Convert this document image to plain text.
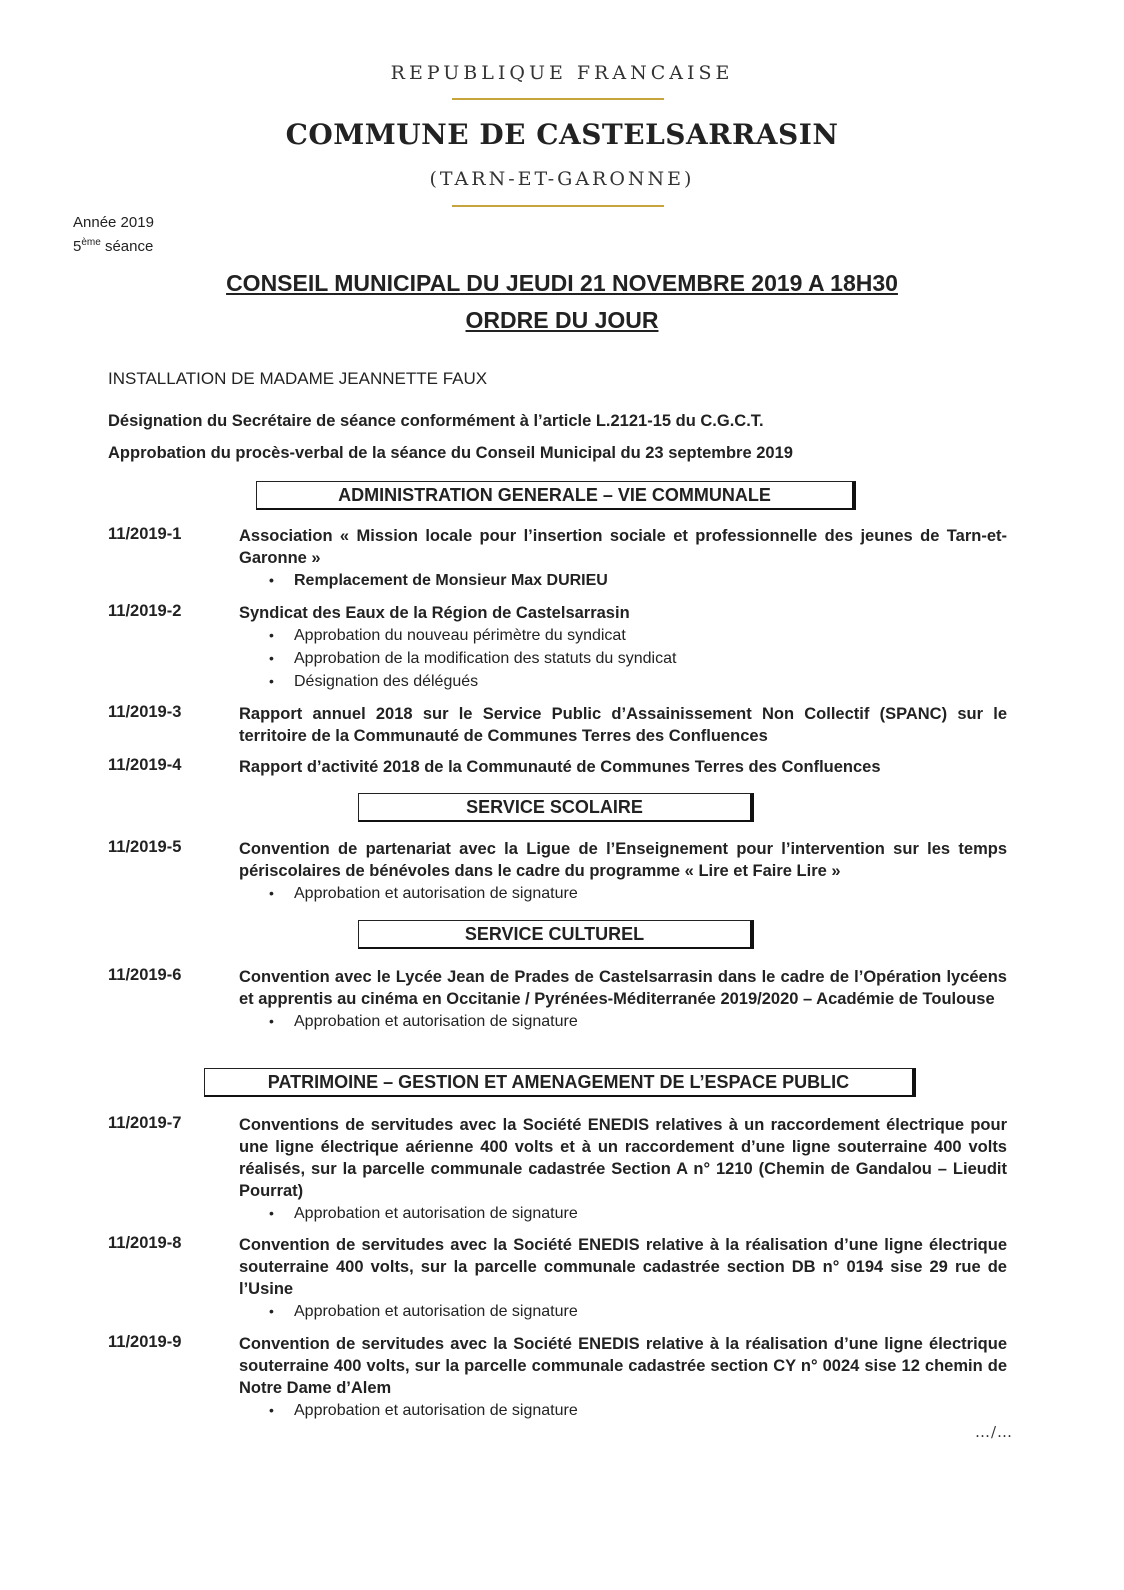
REPUBLIQUE FRANCAISE
COMMUNE DE CASTELSARRASIN
(TARN-ET-GARONNE)
Année 2019
5ème séance
CONSEIL MUNICIPAL DU JEUDI 21 NOVEMBRE 2019 A 18H30
ORDRE DU JOUR
INSTALLATION DE MADAME JEANNETTE FAUX
Désignation du Secrétaire de séance conformément à l’article L.2121-15 du C.G.C.T.
Approbation du procès-verbal de la séance du Conseil Municipal du 23 septembre 2019
ADMINISTRATION GENERALE – VIE COMMUNALE
11/2019-1	Association « Mission locale pour l’insertion sociale et professionnelle des jeunes de Tarn-et-Garonne »
• Remplacement de Monsieur Max DURIEU
11/2019-2	Syndicat des Eaux de la Région de Castelsarrasin
• Approbation du nouveau périmètre du syndicat
• Approbation de la modification des statuts du syndicat
• Désignation des délégués
11/2019-3	Rapport annuel 2018 sur le Service Public d’Assainissement Non Collectif (SPANC) sur le territoire de la Communauté de Communes Terres des Confluences
11/2019-4	Rapport d’activité 2018 de la Communauté de Communes Terres des Confluences
SERVICE SCOLAIRE
11/2019-5	Convention de partenariat avec la Ligue de l’Enseignement pour l’intervention sur les temps périscolaires de bénévoles dans le cadre du programme « Lire et Faire Lire »
• Approbation et autorisation de signature
SERVICE CULTUREL
11/2019-6	Convention avec le Lycée Jean de Prades de Castelsarrasin dans le cadre de l’Opération lycéens et apprentis au cinéma en Occitanie / Pyrénées-Méditerranée 2019/2020 – Académie de Toulouse
• Approbation et autorisation de signature
PATRIMOINE – GESTION ET AMENAGEMENT DE L’ESPACE PUBLIC
11/2019-7	Conventions de servitudes avec la Société ENEDIS relatives à un raccordement électrique pour une ligne électrique aérienne 400 volts et à un raccordement d’une ligne souterraine 400 volts réalisés, sur la parcelle communale cadastrée Section A n° 1210 (Chemin de Gandalou – Lieudit Pourrat)
• Approbation et autorisation de signature
11/2019-8	Convention de servitudes avec la Société ENEDIS relative à la réalisation d’une ligne électrique souterraine 400 volts, sur la parcelle communale cadastrée section DB n° 0194 sise 29 rue de l’Usine
• Approbation et autorisation de signature
11/2019-9	Convention de servitudes avec la Société ENEDIS relative à la réalisation d’une ligne électrique souterraine 400 volts, sur la parcelle communale cadastrée section CY n° 0024 sise 12 chemin de Notre Dame d’Alem
• Approbation et autorisation de signature
…/…
